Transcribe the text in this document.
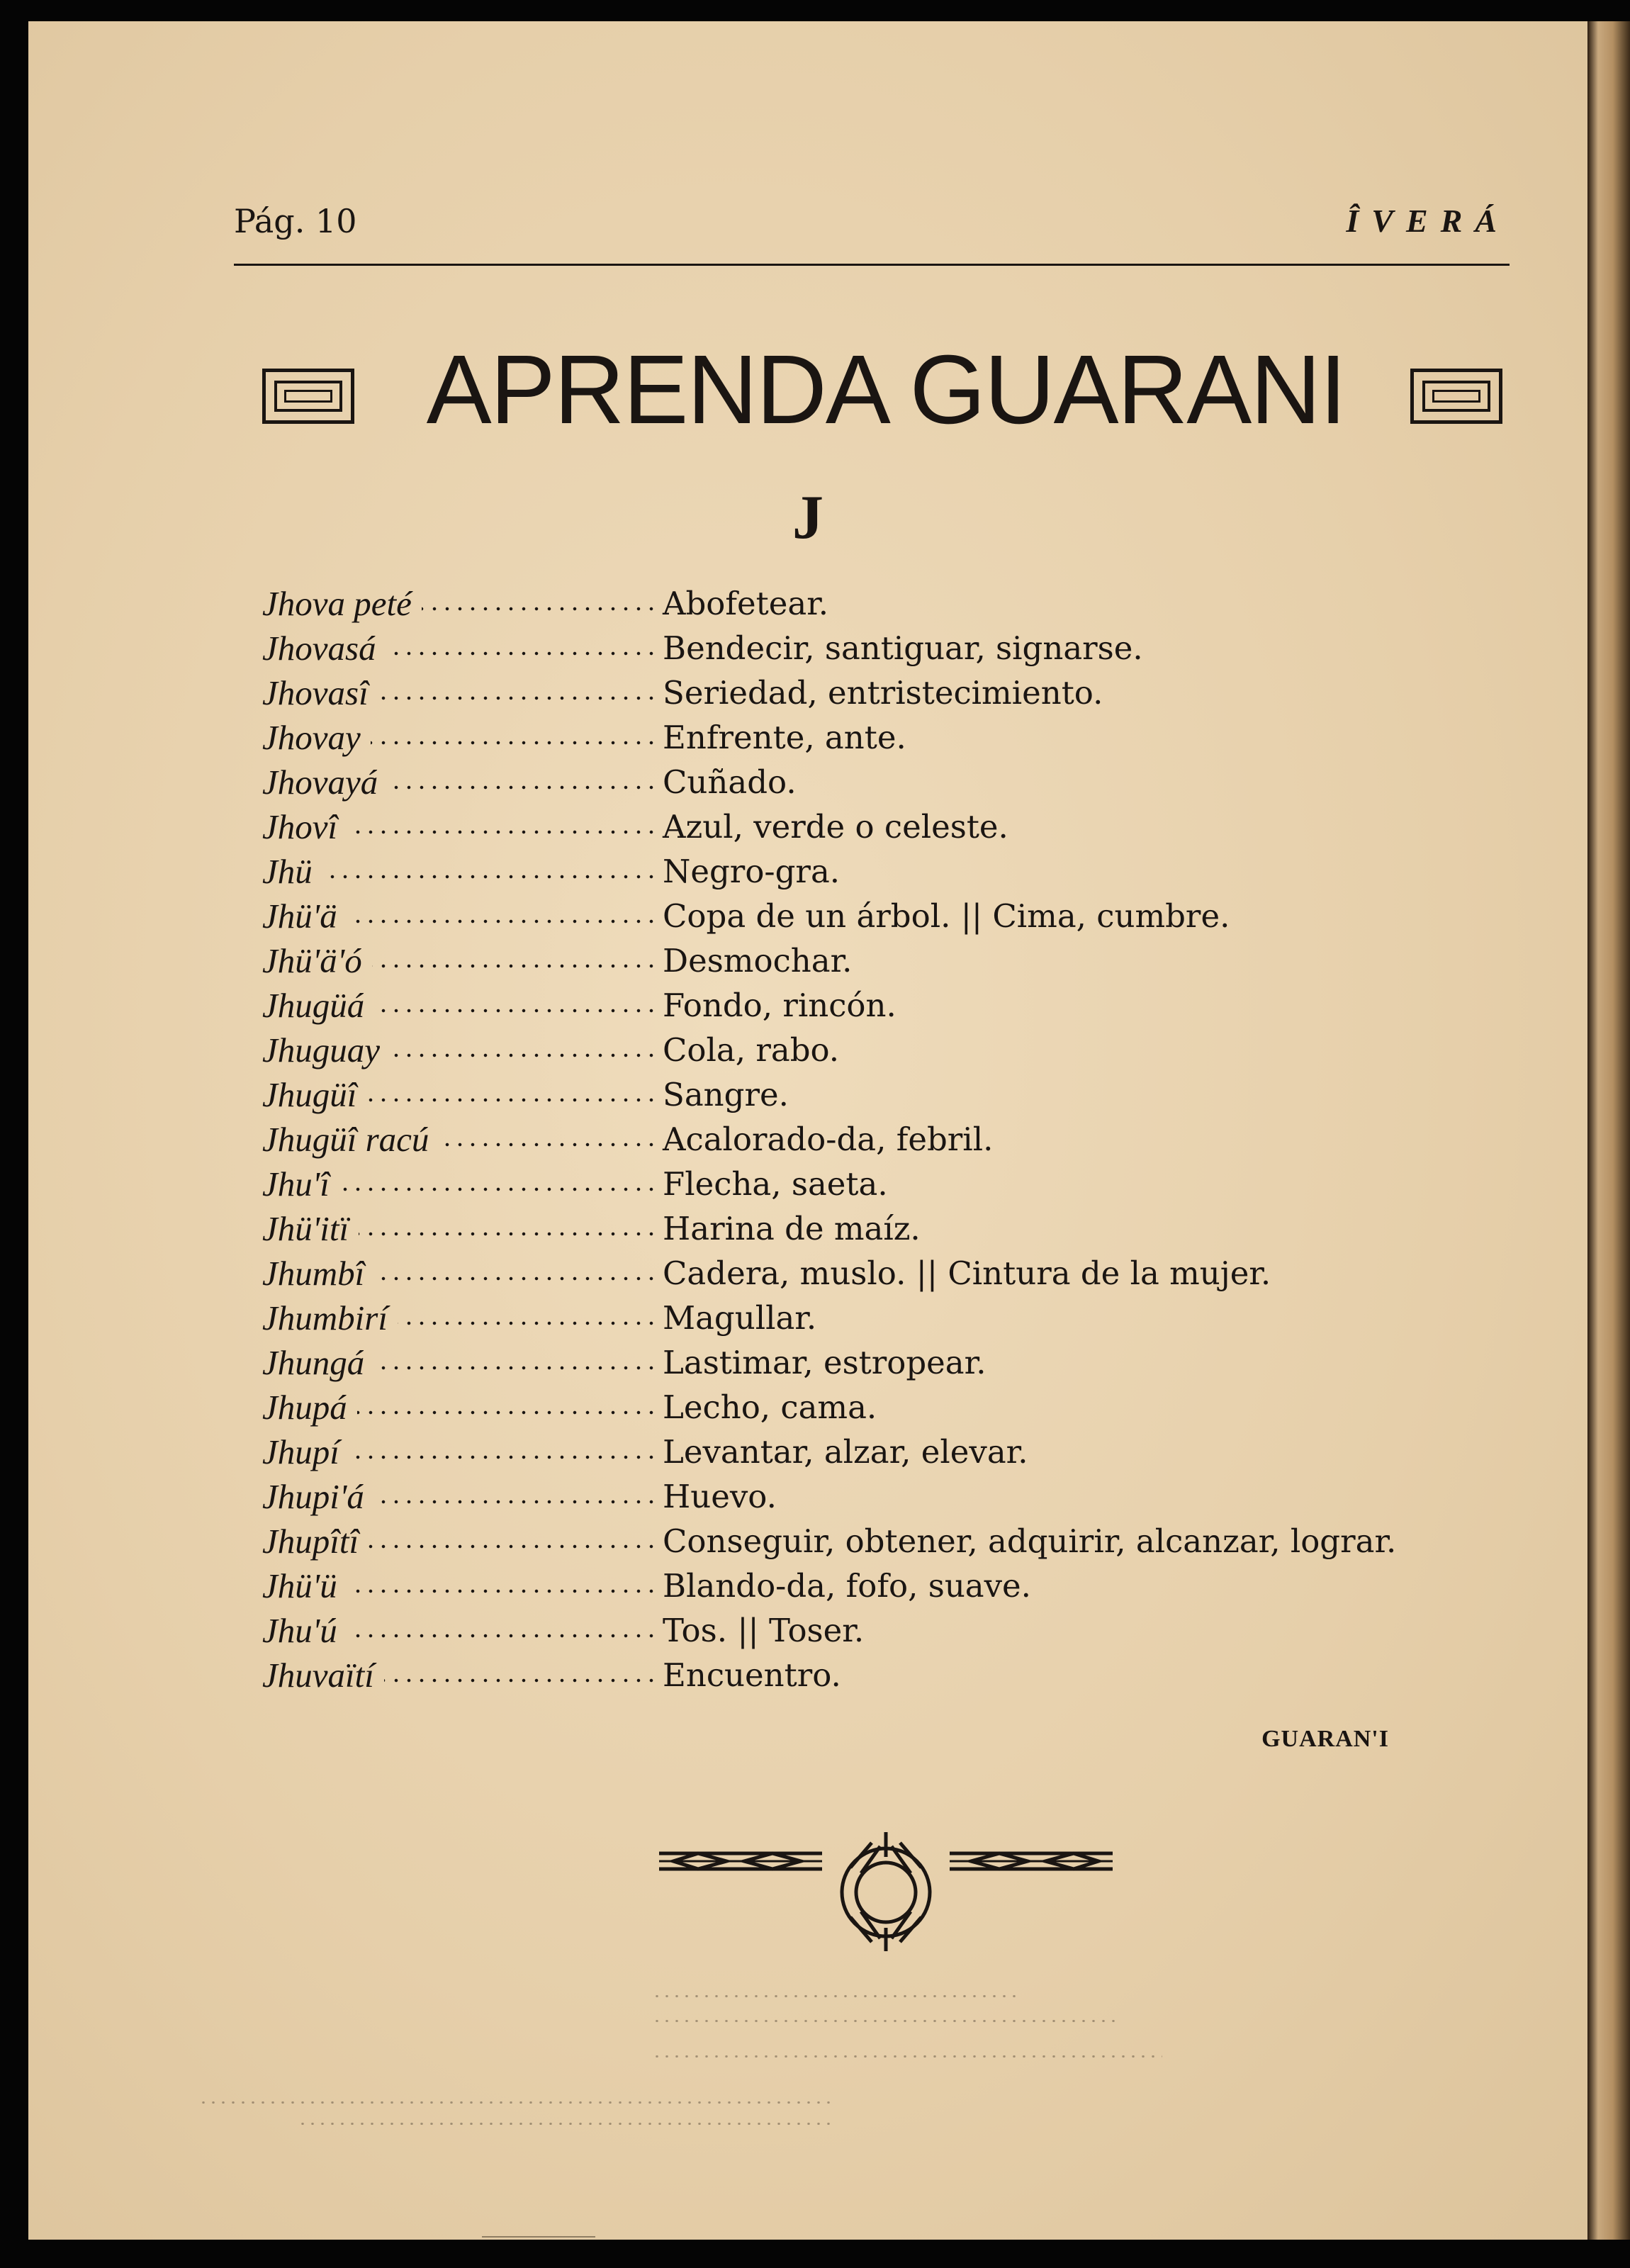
Pág. 10	ÎVERÁ
APRENDA GUARANI
J
Jhova peté	Abofetear.
Jhovasá	Bendecir, santiguar, signarse.
Jhovasî	Seriedad, entristecimiento.
Jhovay	Enfrente, ante.
Jhovayá	Cuñado.
Jhovî	Azul, verde o celeste.
Jhü	Negro-gra.
Jhü'ä	Copa de un árbol. || Cima, cumbre.
Jhü'ä'ó	Desmochar.
Jhugüá	Fondo, rincón.
Jhuguay	Cola, rabo.
Jhugüî	Sangre.
Jhugüî racú	Acalorado-da, febril.
Jhu'î	Flecha, saeta.
Jhü'itï	Harina de maíz.
Jhumbî	Cadera, muslo. || Cintura de la mujer.
Jhumbirí	Magullar.
Jhungá	Lastimar, estropear.
Jhupá	Lecho, cama.
Jhupí	Levantar, alzar, elevar.
Jhupi'á	Huevo.
Jhupîtî	Conseguir, obtener, adquirir, alcanzar, lograr.
Jhü'ü	Blando-da, fofo, suave.
Jhu'ú	Tos. || Toser.
Jhuvaïtí	Encuentro.
GUARAN'I
